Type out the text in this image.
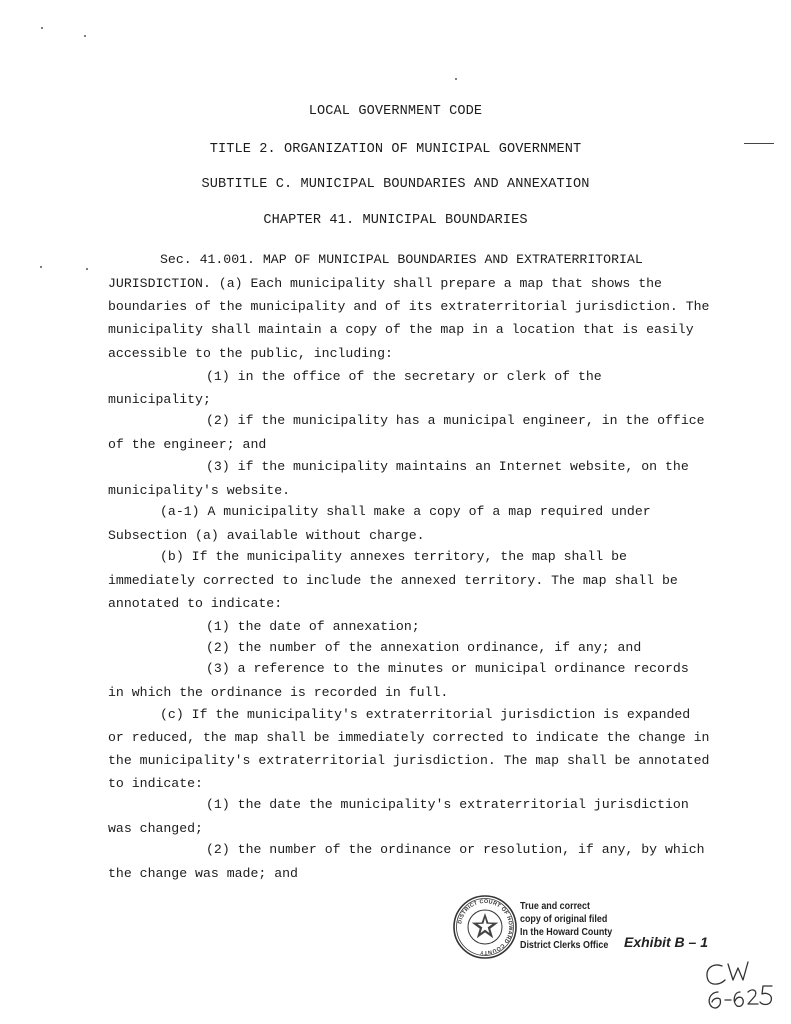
LOCAL GOVERNMENT CODE
TITLE 2. ORGANIZATION OF MUNICIPAL GOVERNMENT
SUBTITLE C. MUNICIPAL BOUNDARIES AND ANNEXATION
CHAPTER 41. MUNICIPAL BOUNDARIES
Sec. 41.001. MAP OF MUNICIPAL BOUNDARIES AND EXTRATERRITORIAL
JURISDICTION. (a) Each municipality shall prepare a map that shows the
boundaries of the municipality and of its extraterritorial jurisdiction. The
municipality shall maintain a copy of the map in a location that is easily
accessible to the public, including:
(1) in the office of the secretary or clerk of the
municipality;
(2) if the municipality has a municipal engineer, in the office
of the engineer; and
(3) if the municipality maintains an Internet website, on the
municipality's website.
(a-1) A municipality shall make a copy of a map required under
Subsection (a) available without charge.
(b) If the municipality annexes territory, the map shall be
immediately corrected to include the annexed territory. The map shall be
annotated to indicate:
(1) the date of annexation;
(2) the number of the annexation ordinance, if any; and
(3) a reference to the minutes or municipal ordinance records
in which the ordinance is recorded in full.
(c) If the municipality's extraterritorial jurisdiction is expanded
or reduced, the map shall be immediately corrected to indicate the change in
the municipality's extraterritorial jurisdiction. The map shall be annotated
to indicate:
(1) the date the municipality's extraterritorial jurisdiction
was changed;
(2) the number of the ordinance or resolution, if any, by which
the change was made; and
DISTRICT COURT OF HOWARD COUNTY
True and correct
copy of original filed
In the Howard County
District Clerks Office Exhibit B – 1
